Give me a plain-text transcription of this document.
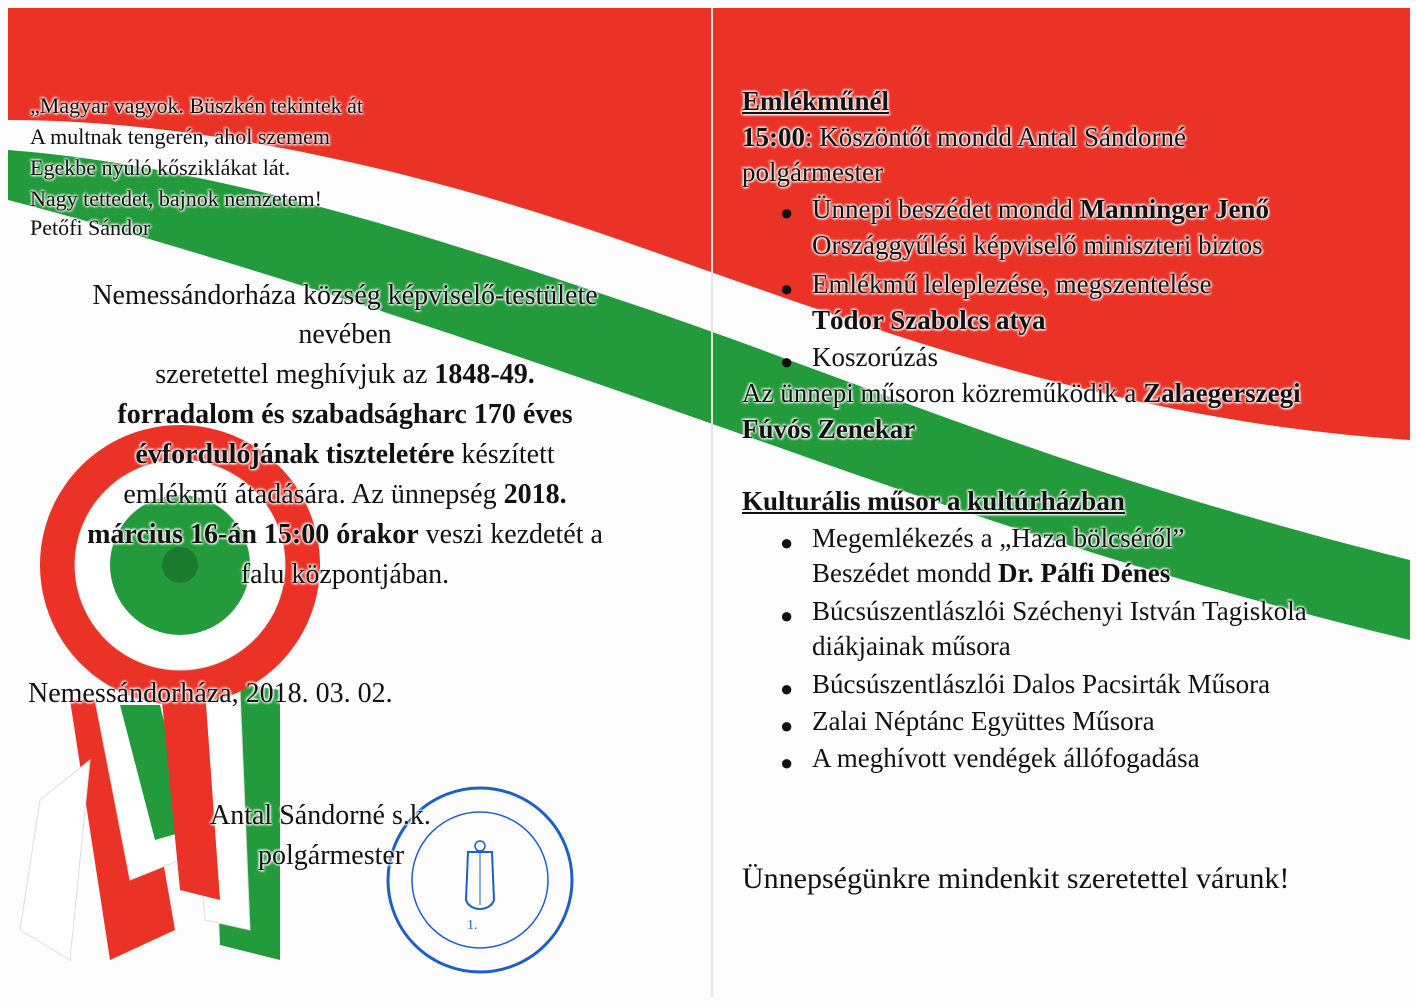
„Magyar vagyok. Büszkén tekintek át
A multnak tengerén, ahol szemem
Egekbe nyúló kősziklákat lát.
Nagy tettedet, bajnok nemzetem!
Petőfi Sándor
Nemessándorháza község képviselő-testülete
nevében
szeretettel meghívjuk az 1848-49.
forradalom és szabadságharc 170 éves
évfordulójának tiszteletére készített
emlékmű átadására. Az ünnepség 2018.
március 16-án 15:00 órakor veszi kezdetét a
falu központjában.
Nemessándorháza, 2018. 03. 02.
Antal Sándorné s.k.
polgármester
1.
Emlékműnél
15:00: Köszöntőt mondd Antal Sándorné
polgármester
● Ünnepi beszédet mondd Manninger Jenő
Országgyűlési képviselő miniszteri biztos
● Emlékmű leleplezése, megszentelése
Tódor Szabolcs atya
● Koszorúzás
Az ünnepi műsoron közreműködik a Zalaegerszegi
Fúvós Zenekar
Kulturális műsor a kultúrházban
● Megemlékezés a „Haza bölcséről”
Beszédet mondd Dr. Pálfi Dénes
● Búcsúszentlászlói Széchenyi István Tagiskola
diákjainak műsora
● Búcsúszentlászlói Dalos Pacsirták Műsora
● Zalai Néptánc Együttes Műsora
● A meghívott vendégek állófogadása
Ünnepségünkre mindenkit szeretettel várunk!
